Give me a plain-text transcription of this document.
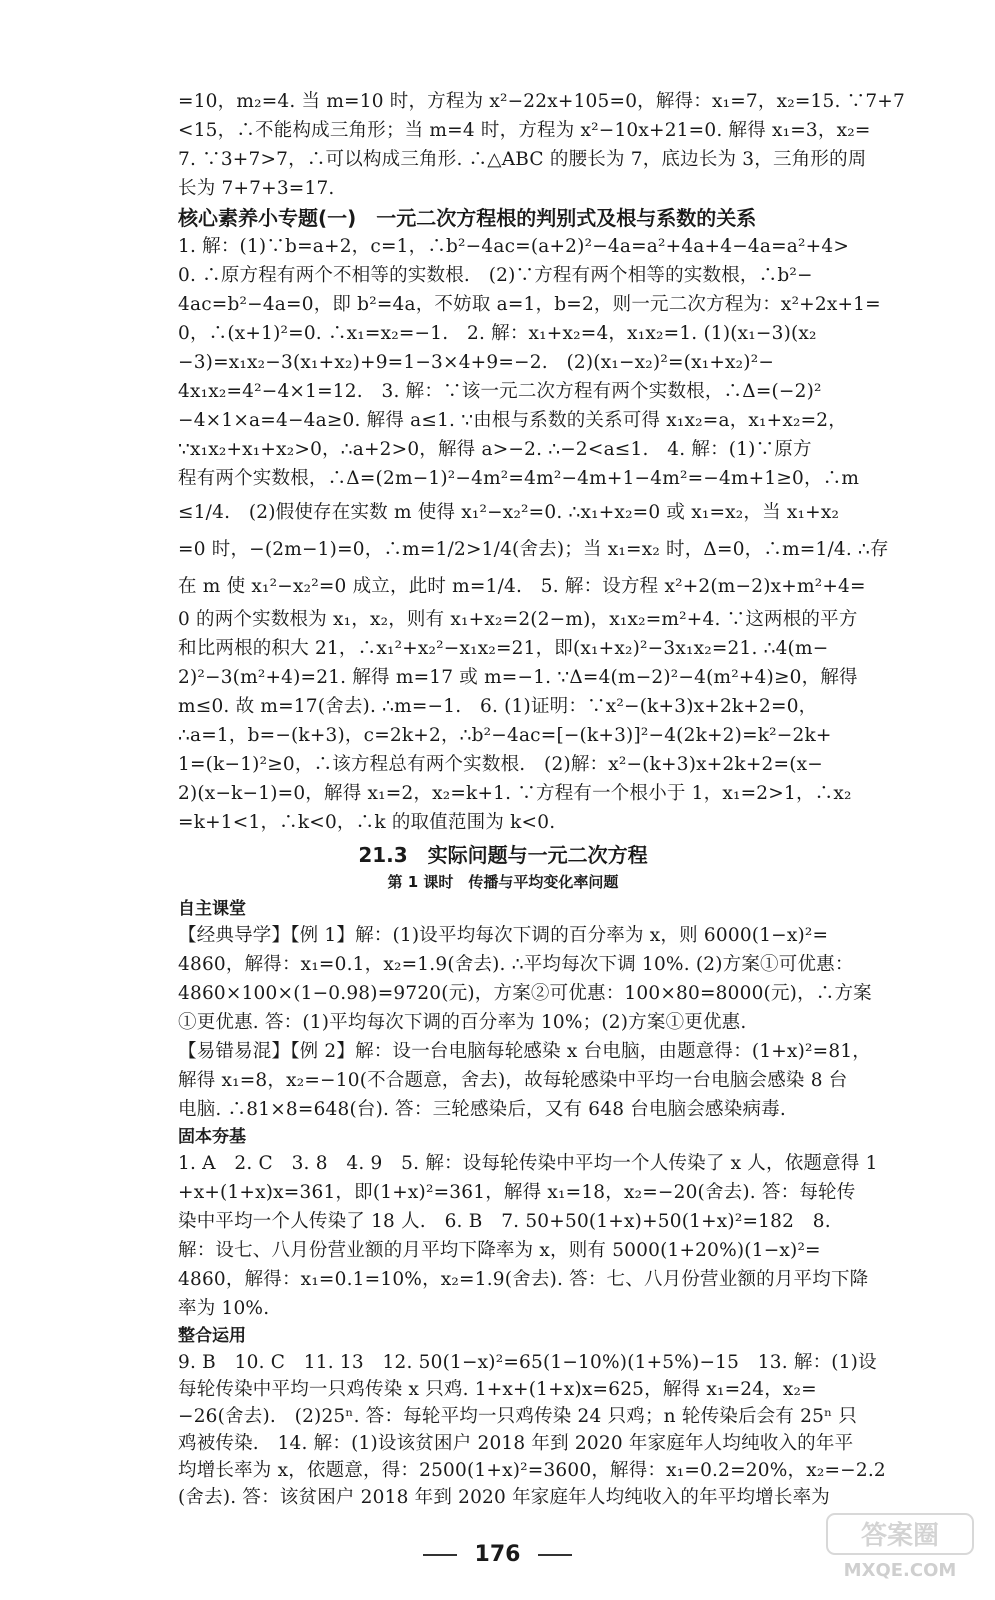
=10，m₂=4. 当 m=10 时，方程为 x²−22x+105=0，解得：x₁=7，x₂=15. ∵7+7
<15，∴不能构成三角形；当 m=4 时，方程为 x²−10x+21=0. 解得 x₁=3，x₂=
7. ∵3+7>7，∴可以构成三角形. ∴△ABC 的腰长为 7，底边长为 3，三角形的周
长为 7+7+3=17.
核心素养小专题(一)　一元二次方程根的判别式及根与系数的关系
1. 解：(1)∵b=a+2，c=1，∴b²−4ac=(a+2)²−4a=a²+4a+4−4a=a²+4>
0. ∴原方程有两个不相等的实数根.　(2)∵方程有两个相等的实数根，∴b²−
4ac=b²−4a=0，即 b²=4a，不妨取 a=1，b=2，则一元二次方程为：x²+2x+1=
0，∴(x+1)²=0. ∴x₁=x₂=−1.　2. 解：x₁+x₂=4，x₁x₂=1. (1)(x₁−3)(x₂
−3)=x₁x₂−3(x₁+x₂)+9=1−3×4+9=−2.　(2)(x₁−x₂)²=(x₁+x₂)²−
4x₁x₂=4²−4×1=12.　3. 解：∵该一元二次方程有两个实数根，∴Δ=(−2)²
−4×1×a=4−4a≥0. 解得 a≤1. ∵由根与系数的关系可得 x₁x₂=a，x₁+x₂=2，
∵x₁x₂+x₁+x₂>0，∴a+2>0，解得 a>−2. ∴−2<a≤1.　4. 解：(1)∵原方
程有两个实数根，∴Δ=(2m−1)²−4m²=4m²−4m+1−4m²=−4m+1≥0，∴m
≤1/4.　(2)假使存在实数 m 使得 x₁²−x₂²=0. ∴x₁+x₂=0 或 x₁=x₂，当 x₁+x₂
=0 时，−(2m−1)=0，∴m=1/2>1/4(舍去)；当 x₁=x₂ 时，Δ=0，∴m=1/4. ∴存
在 m 使 x₁²−x₂²=0 成立，此时 m=1/4.　5. 解：设方程 x²+2(m−2)x+m²+4=
0 的两个实数根为 x₁，x₂，则有 x₁+x₂=2(2−m)，x₁x₂=m²+4. ∵这两根的平方
和比两根的积大 21，∴x₁²+x₂²−x₁x₂=21，即(x₁+x₂)²−3x₁x₂=21. ∴4(m−
2)²−3(m²+4)=21. 解得 m=17 或 m=−1. ∵Δ=4(m−2)²−4(m²+4)≥0，解得
m≤0. 故 m=17(舍去). ∴m=−1.　6. (1)证明：∵x²−(k+3)x+2k+2=0，
∴a=1，b=−(k+3)，c=2k+2，∴b²−4ac=[−(k+3)]²−4(2k+2)=k²−2k+
1=(k−1)²≥0，∴该方程总有两个实数根.　(2)解：x²−(k+3)x+2k+2=(x−
2)(x−k−1)=0，解得 x₁=2，x₂=k+1. ∵方程有一个根小于 1，x₁=2>1，∴x₂
=k+1<1，∴k<0，∴k 的取值范围为 k<0.
21.3　实际问题与一元二次方程
第 1 课时　传播与平均变化率问题
自主课堂
【经典导学】【例 1】解：(1)设平均每次下调的百分率为 x，则 6000(1−x)²=
4860，解得：x₁=0.1，x₂=1.9(舍去). ∴平均每次下调 10%. (2)方案①可优惠：
4860×100×(1−0.98)=9720(元)，方案②可优惠：100×80=8000(元)，∴方案
①更优惠. 答：(1)平均每次下调的百分率为 10%；(2)方案①更优惠.
【易错易混】【例 2】解：设一台电脑每轮感染 x 台电脑，由题意得：(1+x)²=81，
解得 x₁=8，x₂=−10(不合题意，舍去)，故每轮感染中平均一台电脑会感染 8 台
电脑. ∴81×8=648(台). 答：三轮感染后，又有 648 台电脑会感染病毒.
固本夯基
1. A　2. C　3. 8　4. 9　5. 解：设每轮传染中平均一个人传染了 x 人，依题意得 1
+x+(1+x)x=361，即(1+x)²=361，解得 x₁=18，x₂=−20(舍去). 答：每轮传
染中平均一个人传染了 18 人.　6. B　7. 50+50(1+x)+50(1+x)²=182　8.
解：设七、八月份营业额的月平均下降率为 x，则有 5000(1+20%)(1−x)²=
4860，解得：x₁=0.1=10%，x₂=1.9(舍去). 答：七、八月份营业额的月平均下降
率为 10%.
整合运用
9. B　10. C　11. 13　12. 50(1−x)²=65(1−10%)(1+5%)−15　13. 解：(1)设
每轮传染中平均一只鸡传染 x 只鸡. 1+x+(1+x)x=625，解得 x₁=24，x₂=
−26(舍去).　(2)25ⁿ. 答：每轮平均一只鸡传染 24 只鸡；n 轮传染后会有 25ⁿ 只
鸡被传染.　14. 解：(1)设该贫困户 2018 年到 2020 年家庭年人均纯收入的年平
均增长率为 x，依题意，得：2500(1+x)²=3600，解得：x₁=0.2=20%，x₂=−2.2
(舍去). 答：该贫困户 2018 年到 2020 年家庭年人均纯收入的年平均增长率为
176
答案圈
MXQE.COM
